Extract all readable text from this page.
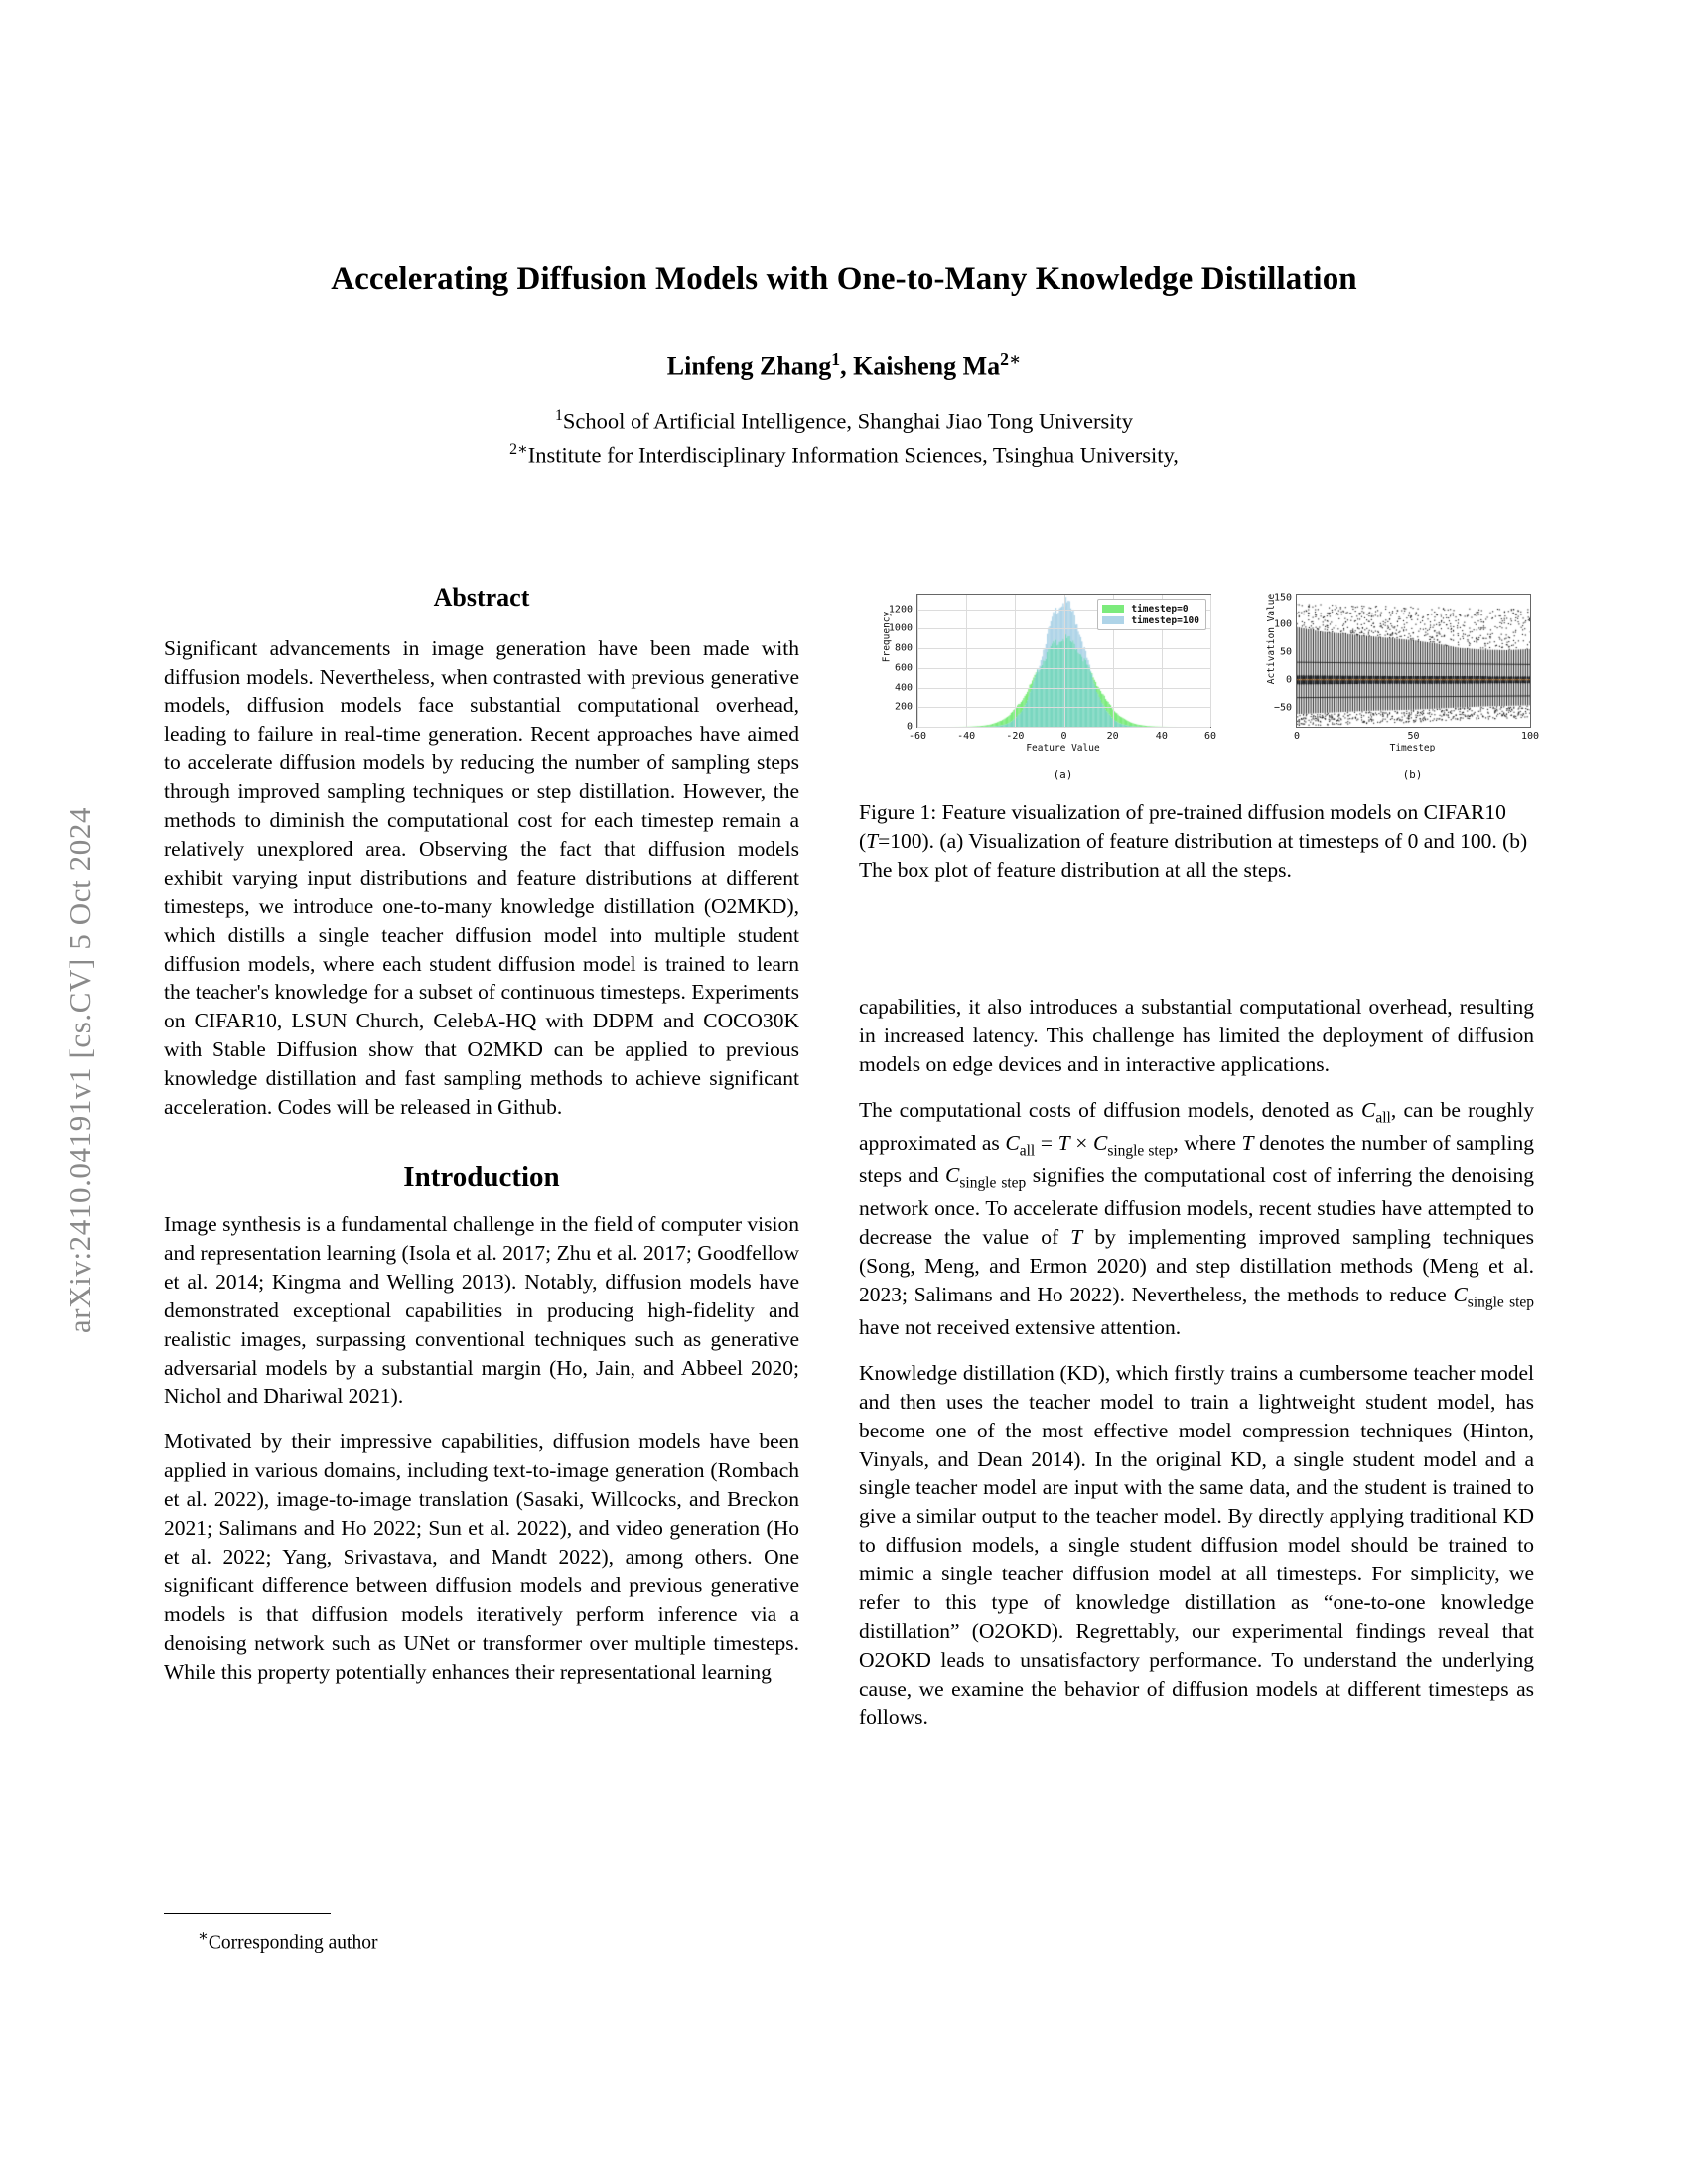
arXiv:2410.04191v1 [cs.CV] 5 Oct 2024
Accelerating Diffusion Models with One-to-Many Knowledge Distillation
Linfeng Zhang$^1$, Kaisheng $Ma^{2∗}$
$^1$School of Artificial Intelligence, Shanghai Jiao Tong University
$^{2∗}$Institute for Interdisciplinary Information Sciences, Tsinghua University,
Abstract

Significant advancements in image generation have been made with diffusion models. Nevertheless, when contrasted with previous generative models, diffusion models face substantial computational overhead, leading to failure in real-time generation. Recent approaches have aimed to accelerate diffusion models by reducing the number of sampling steps through improved sampling techniques or step distillation. However, the methods to diminish the computational cost for each timestep remain a relatively unexplored area. Observing the fact that diffusion models exhibit varying input distributions and feature distributions at different timesteps, we introduce one-to-many knowledge distillation (O2MKD), which distills a single teacher diffusion model into multiple student diffusion models, where each student diffusion model is trained to learn the teacher's knowledge for a subset of continuous timesteps. Experiments on CIFAR10, LSUN Church, CelebA-HQ with DDPM and COCO30K with Stable Diffusion show that O2MKD can be applied to previous knowledge distillation and fast sampling methods to achieve significant acceleration. Codes will be released in Github.

Introduction

Image synthesis is a fundamental challenge in the field of computer vision and representation learning (Isola et al. 2017; Zhu et al. 2017; Goodfellow et al. 2014; Kingma and Welling 2013). Notably, diffusion models have demonstrated exceptional capabilities in producing high-fidelity and realistic images, surpassing conventional techniques such as generative adversarial models by a substantial margin (Ho, Jain, and Abbeel 2020; Nichol and Dhariwal 2021).

Motivated by their impressive capabilities, diffusion models have been applied in various domains, including text-to-image generation (Rombach et al. 2022), image-to-image translation (Sasaki, Willcocks, and Breckon 2021; Salimans and Ho 2022; Sun et al. 2022), and video generation (Ho et al. 2022; Yang, Srivastava, and Mandt 2022), among others. One significant difference between diffusion models and previous generative models is that diffusion models iteratively perform inference via a denoising network such as UNet or transformer over multiple timesteps. While this property potentially enhances their representational learning

∗Corresponding author
Frequency
timestep=0
timestep=100
-60	-40	-20	0	20	40	60
0
200
400
600
800
1000
1200
Feature Value
Activation Value
0	50	100
−50
0
50
100
150
Timestep
(a)	(b)
Figure 1: Feature visualization of pre-trained diffusion models on CIFAR10 (T=100). (a) Visualization of feature distribution at timesteps of 0 and 100. (b) The box plot of feature distribution at all the steps.

capabilities, it also introduces a substantial computational overhead, resulting in increased latency. This challenge has limited the deployment of diffusion models on edge devices and in interactive applications.

The computational costs of diffusion models, denoted as $C_{all}$, can be roughly approximated as $C_{all} = T \times C_{single step}$, where T denotes the number of sampling steps and $C_{single step}$ signifies the computational cost of inferring the denoising network once. To accelerate diffusion models, recent studies have attempted to decrease the value of T by implementing improved sampling techniques (Song, Meng, and Ermon 2020) and step distillation methods (Meng et al. 2023; Salimans and Ho 2022). Nevertheless, the methods to reduce $C_{single step}$ have not received extensive attention.

Knowledge distillation (KD), which firstly trains a cumbersome teacher model and then uses the teacher model to train a lightweight student model, has become one of the most effective model compression techniques (Hinton, Vinyals, and Dean 2014). In the original KD, a single student model and a single teacher model are input with the same data, and the student is trained to give a similar output to the teacher model. By directly applying traditional KD to diffusion models, a single student diffusion model should be trained to mimic a single teacher diffusion model at all timesteps. For simplicity, we refer to this type of knowledge distillation as “one-to-one knowledge distillation” (O2OKD). Regrettably, our experimental findings reveal that O2OKD leads to unsatisfactory performance. To understand the underlying cause, we examine the behavior of diffusion models at different timesteps as follows.
